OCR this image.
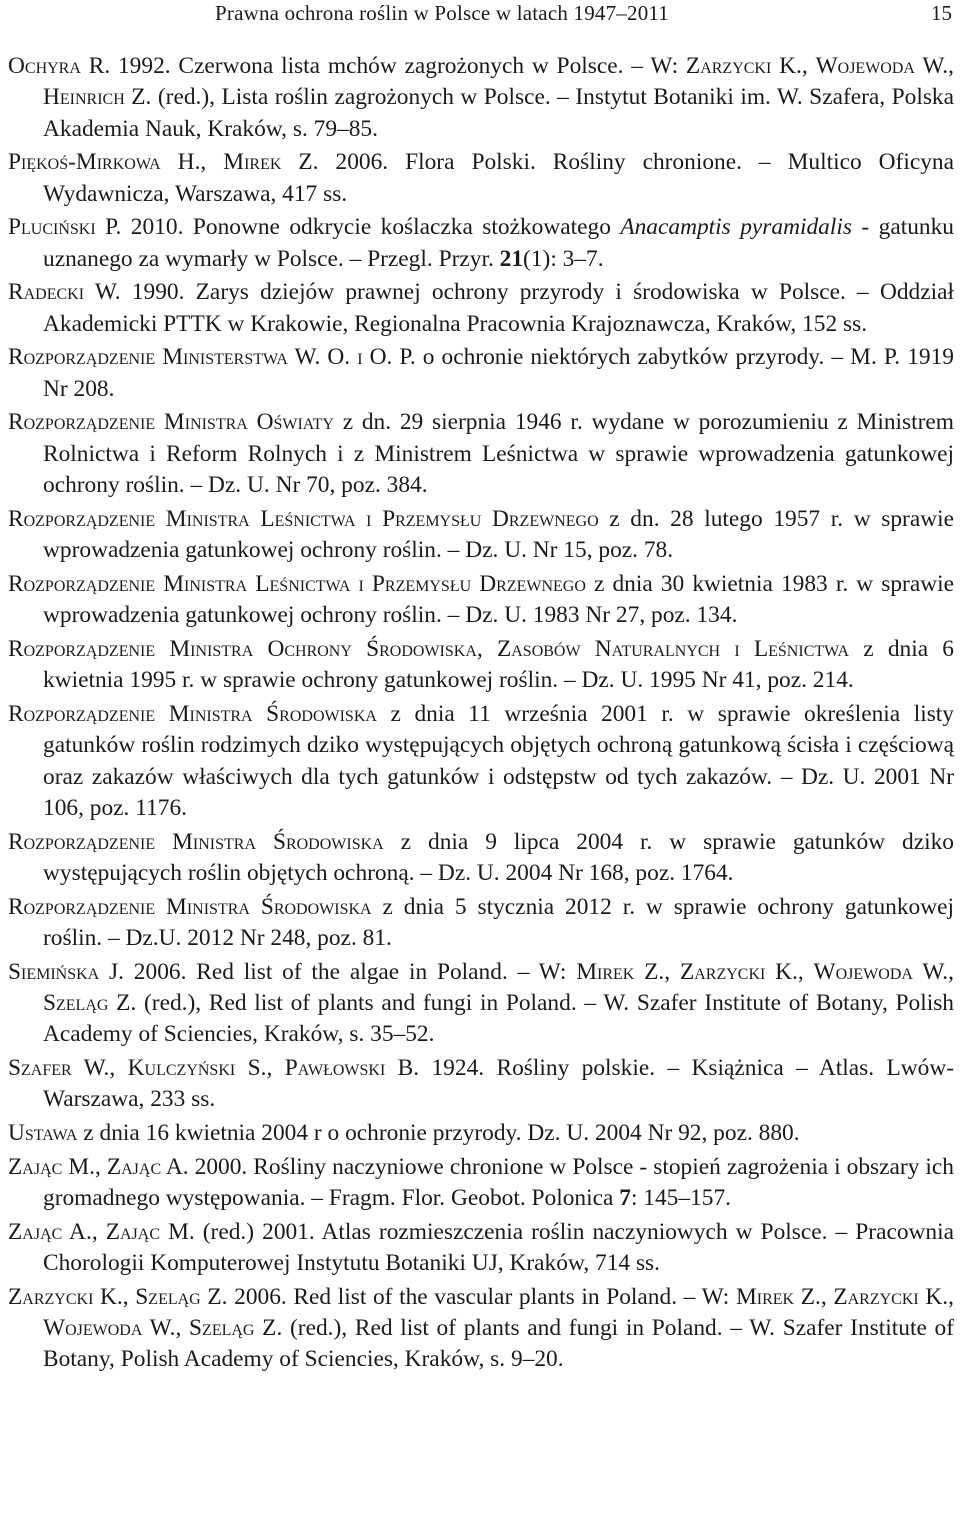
Prawna ochrona roślin w Polsce w latach 1947–2011	15
Ochyra R. 1992. Czerwona lista mchów zagrożonych w Polsce. – W: Zarzycki K., Wojewoda W., Heinrich Z. (red.), Lista roślin zagrożonych w Polsce. – Instytut Botaniki im. W. Szafera, Polska Akademia Nauk, Kraków, s. 79–85.
Piękoś-Mirkowa H., Mirek Z. 2006. Flora Polski. Rośliny chronione. – Multico Oficyna Wydawnicza, Warszawa, 417 ss.
Pluciński P. 2010. Ponowne odkrycie koślaczka stożkowatego Anacamptis pyramidalis - gatunku uznanego za wymarły w Polsce. – Przegl. Przyr. 21(1): 3–7.
Radecki W. 1990. Zarys dziejów prawnej ochrony przyrody i środowiska w Polsce. – Oddział Akademicki PTTK w Krakowie, Regionalna Pracownia Krajoznawcza, Kraków, 152 ss.
Rozporządzenie Ministerstwa W. O. i O. P. o ochronie niektórych zabytków przyrody. – M. P. 1919 Nr 208.
Rozporządzenie Ministra Oświaty z dn. 29 sierpnia 1946 r. wydane w porozumieniu z Ministrem Rolnictwa i Reform Rolnych i z Ministrem Leśnictwa w sprawie wprowadzenia gatunkowej ochrony roślin. – Dz. U. Nr 70, poz. 384.
Rozporządzenie Ministra Leśnictwa i Przemysłu Drzewnego z dn. 28 lutego 1957 r. w sprawie wprowadzenia gatunkowej ochrony roślin. – Dz. U. Nr 15, poz. 78.
Rozporządzenie Ministra Leśnictwa i Przemysłu Drzewnego z dnia 30 kwietnia 1983 r. w sprawie wprowadzenia gatunkowej ochrony roślin. – Dz. U. 1983 Nr 27, poz. 134.
Rozporządzenie Ministra Ochrony Środowiska, Zasobów Naturalnych i Leśnictwa z dnia 6 kwietnia 1995 r. w sprawie ochrony gatunkowej roślin. – Dz. U. 1995 Nr 41, poz. 214.
Rozporządzenie Ministra Środowiska z dnia 11 września 2001 r. w sprawie określenia listy gatunków roślin rodzimych dziko występujących objętych ochroną gatunkową ścisła i częściową oraz zakazów właściwych dla tych gatunków i odstępstw od tych zakazów. – Dz. U. 2001 Nr 106, poz. 1176.
Rozporządzenie Ministra Środowiska z dnia 9 lipca 2004 r. w sprawie gatunków dziko występujących roślin objętych ochroną. – Dz. U. 2004 Nr 168, poz. 1764.
Rozporządzenie Ministra Środowiska z dnia 5 stycznia 2012 r. w sprawie ochrony gatunkowej roślin. – Dz.U. 2012 Nr 248, poz. 81.
Siemińska J. 2006. Red list of the algae in Poland. – W: Mirek Z., Zarzycki K., Wojewoda W., Szeląg Z. (red.), Red list of plants and fungi in Poland. – W. Szafer Institute of Botany, Polish Academy of Sciencies, Kraków, s. 35–52.
Szafer W., Kulczyński S., Pawłowski B. 1924. Rośliny polskie. – Książnica – Atlas. Lwów-Warszawa, 233 ss.
Ustawa z dnia 16 kwietnia 2004 r o ochronie przyrody. Dz. U. 2004 Nr 92, poz. 880.
Zając M., Zając A. 2000. Rośliny naczyniowe chronione w Polsce - stopień zagrożenia i obszary ich gromadnego występowania. – Fragm. Flor. Geobot. Polonica 7: 145–157.
Zając A., Zając M. (red.) 2001. Atlas rozmieszczenia roślin naczyniowych w Polsce. – Pracownia Chorologii Komputerowej Instytutu Botaniki UJ, Kraków, 714 ss.
Zarzycki K., Szeląg Z. 2006. Red list of the vascular plants in Poland. – W: Mirek Z., Zarzycki K., Wojewoda W., Szeląg Z. (red.), Red list of plants and fungi in Poland. – W. Szafer Institute of Botany, Polish Academy of Sciencies, Kraków, s. 9–20.
